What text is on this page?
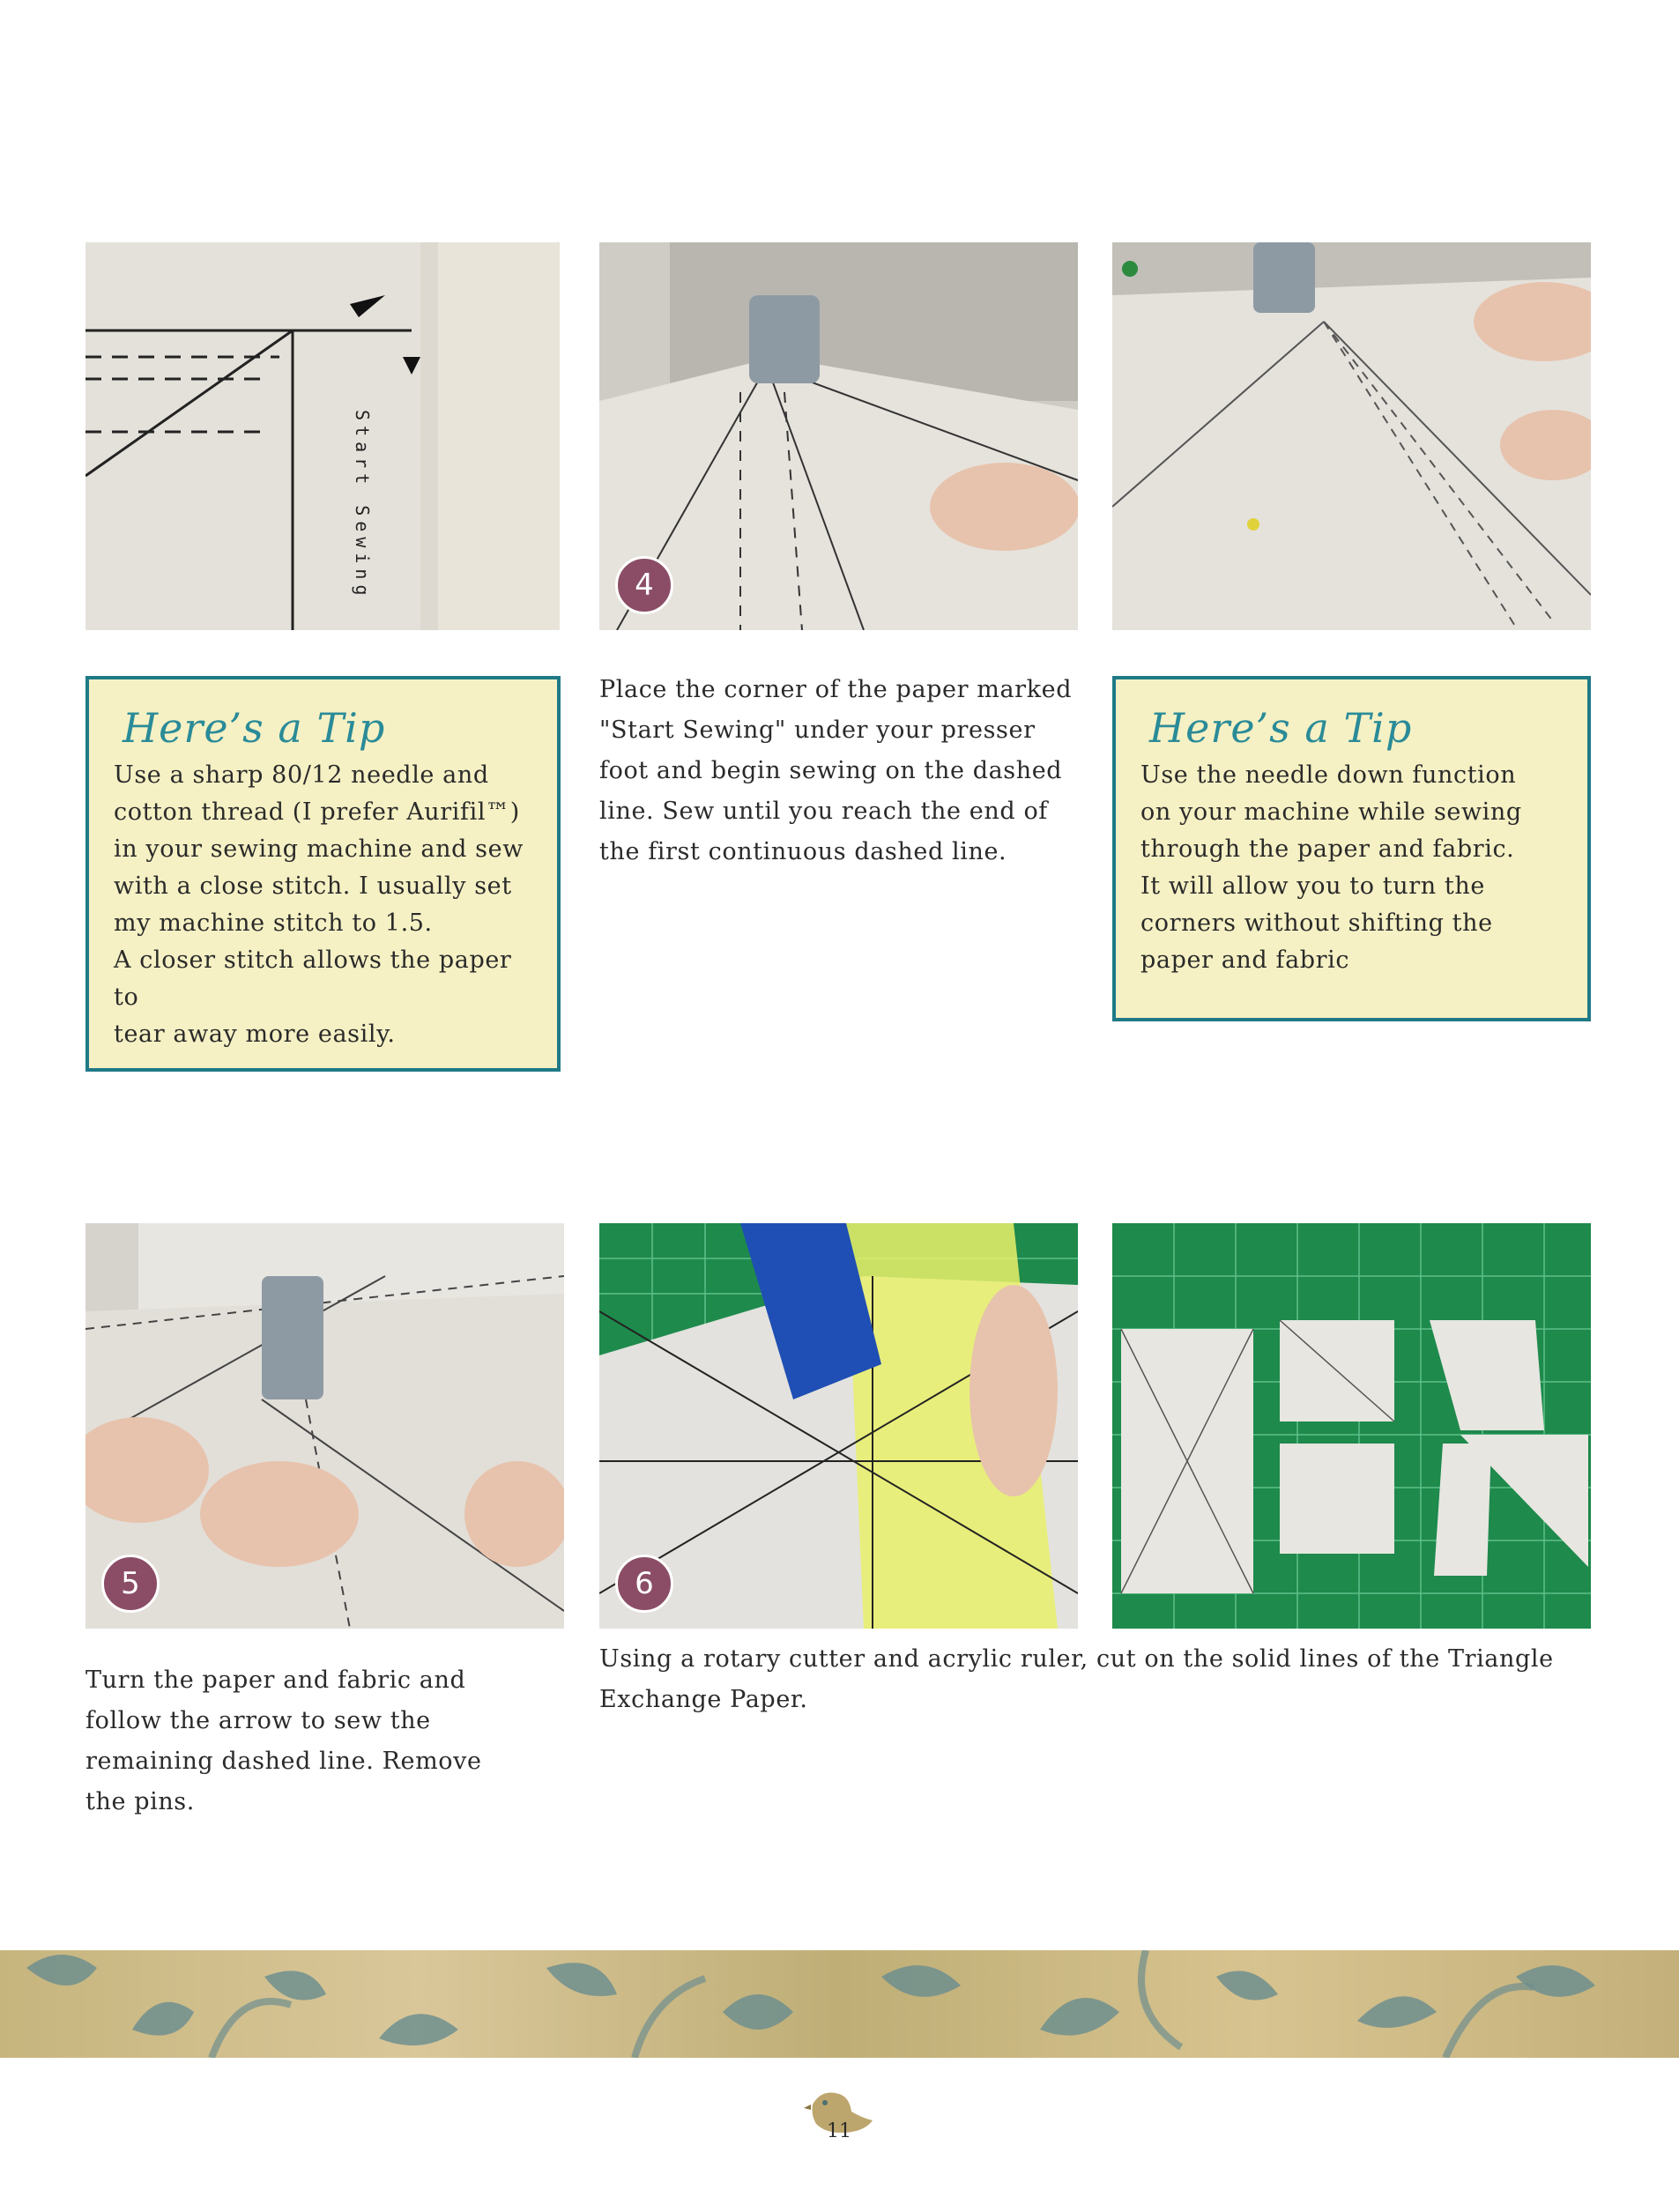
Start Sewing	4
Here’s a Tip
Use a sharp 80/12 needle and
cotton thread (I prefer Aurifil™)
in your sewing machine and sew
with a close stitch. I usually set
my machine stitch to 1.5.
A closer stitch allows the paper to
tear away more easily.
Place the corner of the paper marked
"Start Sewing" under your presser
foot and begin sewing on the dashed
line. Sew until you reach the end of
the first continuous dashed line.
Here’s a Tip
Use the needle down function
on your machine while sewing
through the paper and fabric.
It will allow you to turn the
corners without shifting the
paper and fabric
5	6
Turn the paper and fabric and
follow the arrow to sew the
remaining dashed line. Remove
the pins.
Using a rotary cutter and acrylic ruler, cut on the solid lines of the Triangle
Exchange Paper.
11
